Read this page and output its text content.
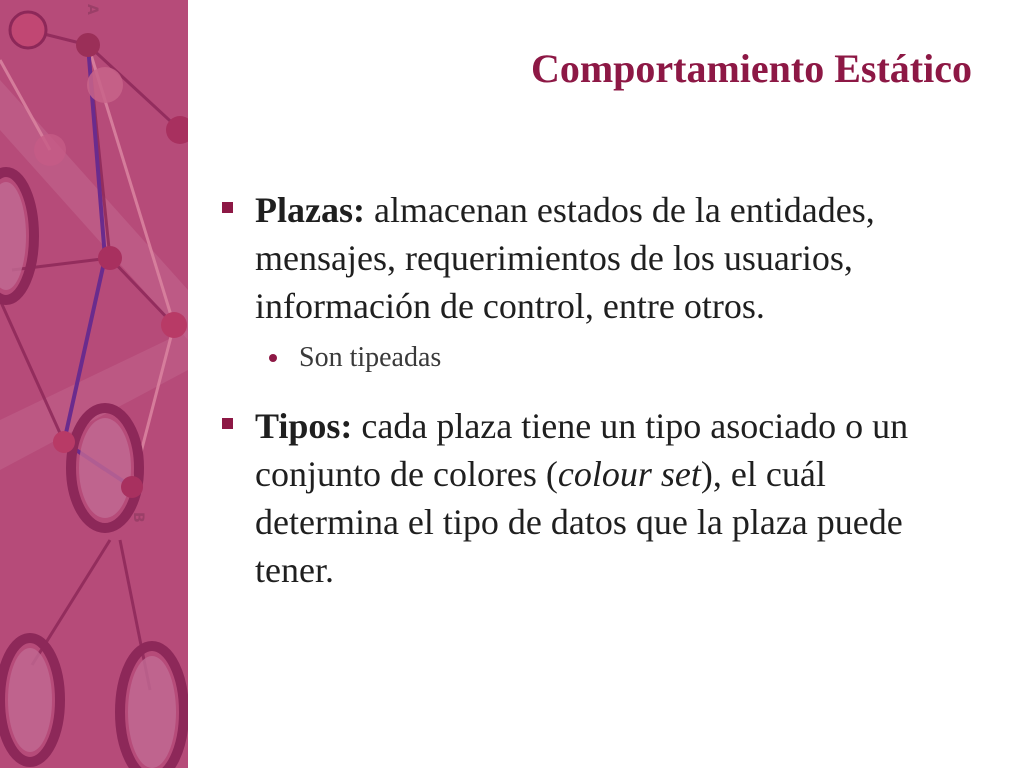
A
B
Comportamiento Estático
Plazas: almacenan estados de la entidades, mensajes, requerimientos de los usuarios, información de control, entre otros.
Son tipeadas
Tipos: cada plaza tiene un tipo asociado o un conjunto de colores (colour set), el cuál determina el tipo de datos que la plaza puede tener.
